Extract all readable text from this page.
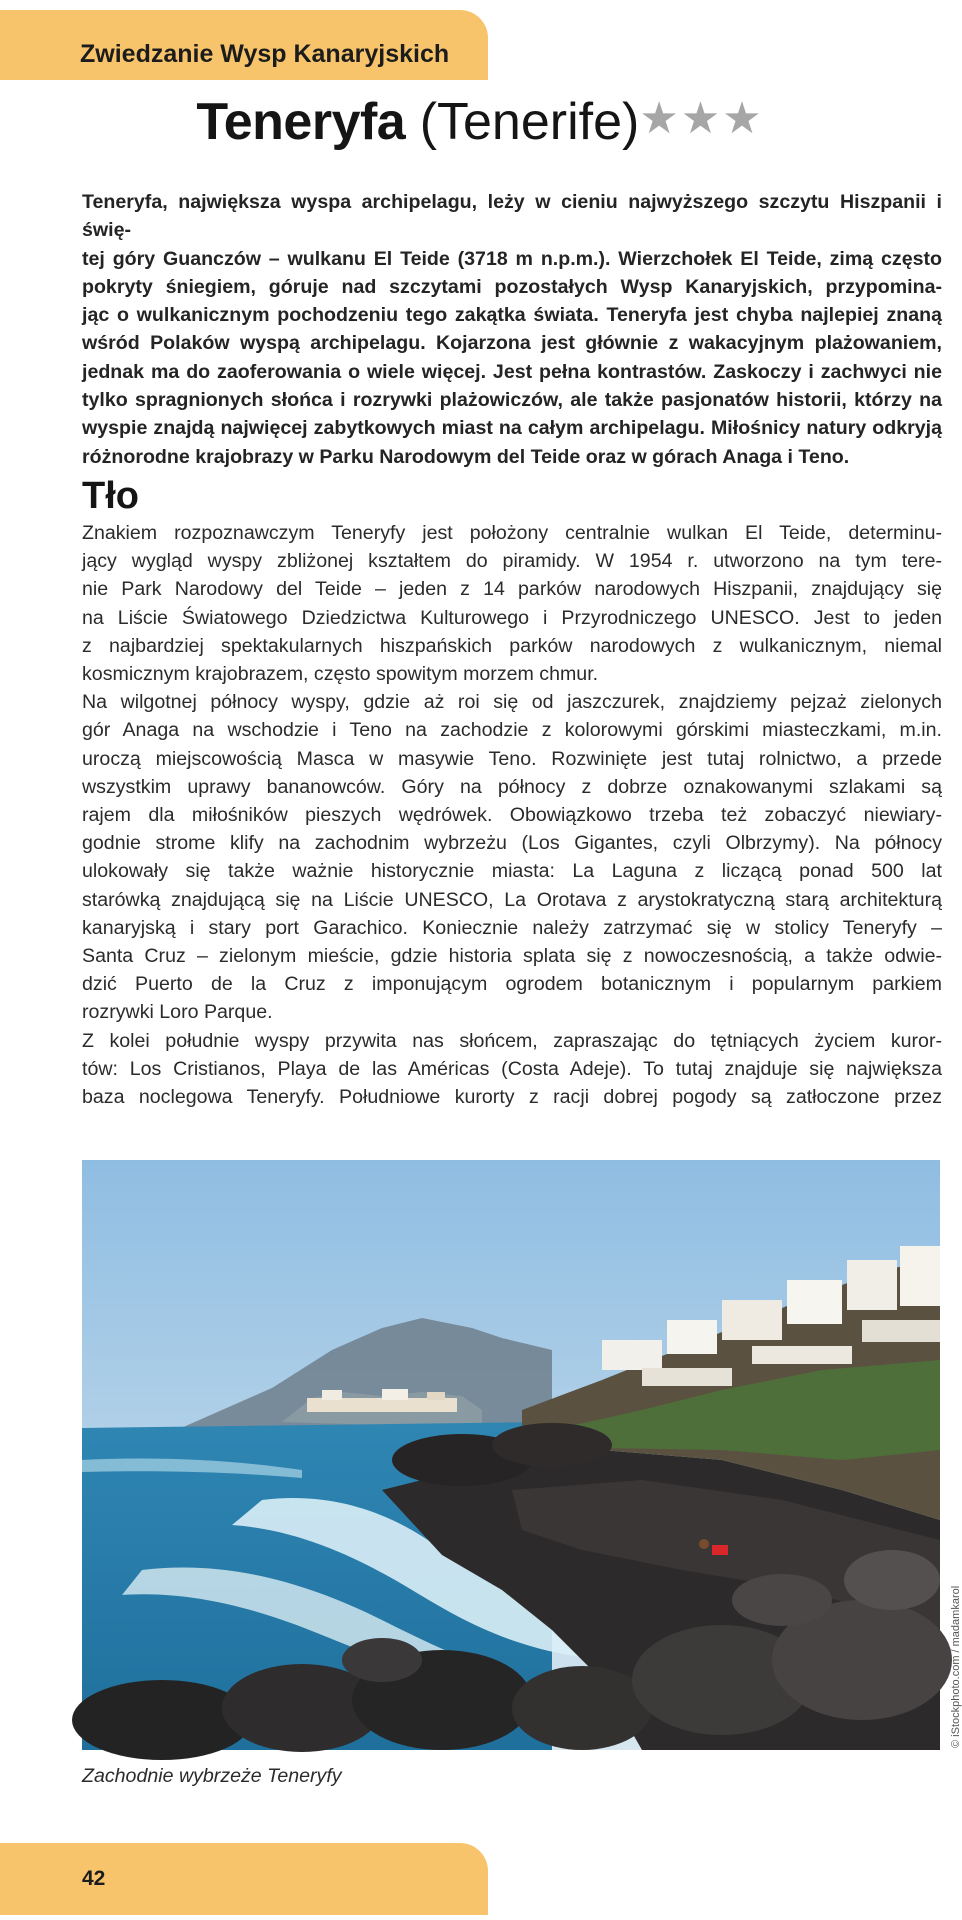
Zwiedzanie Wysp Kanaryjskich
Teneryfa (Tenerife)★★★
Teneryfa, największa wyspa archipelagu, leży w cieniu najwyższego szczytu Hiszpanii i świę-
tej góry Guanczów – wulkanu El Teide (3718 m n.p.m.). Wierzchołek El Teide, zimą często
pokryty śniegiem, góruje nad szczytami pozostałych Wysp Kanaryjskich, przypomina-
jąc o wulkanicznym pochodzeniu tego zakątka świata. Teneryfa jest chyba najlepiej znaną
wśród Polaków wyspą archipelagu. Kojarzona jest głównie z wakacyjnym plażowaniem,
jednak ma do zaoferowania o wiele więcej. Jest pełna kontrastów. Zaskoczy i zachwyci nie
tylko spragnionych słońca i rozrywki plażowiczów, ale także pasjonatów historii, którzy na
wyspie znajdą najwięcej zabytkowych miast na całym archipelagu. Miłośnicy natury odkryją
różnorodne krajobrazy w Parku Narodowym del Teide oraz w górach Anaga i Teno.
Tło
Znakiem rozpoznawczym Teneryfy jest położony centralnie wulkan El Teide, determinu-
jący wygląd wyspy zbliżonej kształtem do piramidy. W 1954 r. utworzono na tym tere-
nie Park Narodowy del Teide – jeden z 14 parków narodowych Hiszpanii, znajdujący się
na Liście Światowego Dziedzictwa Kulturowego i Przyrodniczego UNESCO. Jest to jeden
z najbardziej spektakularnych hiszpańskich parków narodowych z wulkanicznym, niemal
kosmicznym krajobrazem, często spowitym morzem chmur.
Na wilgotnej północy wyspy, gdzie aż roi się od jaszczurek, znajdziemy pejzaż zielonych
gór Anaga na wschodzie i Teno na zachodzie z kolorowymi górskimi miasteczkami, m.in.
uroczą miejscowością Masca w masywie Teno. Rozwinięte jest tutaj rolnictwo, a przede
wszystkim uprawy bananowców. Góry na północy z dobrze oznakowanymi szlakami są
rajem dla miłośników pieszych wędrówek. Obowiązkowo trzeba też zobaczyć niewiary-
godnie strome klify na zachodnim wybrzeżu (Los Gigantes, czyli Olbrzymy). Na północy
ulokowały się także ważnie historycznie miasta: La Laguna z liczącą ponad 500 lat
starówką znajdującą się na Liście UNESCO, La Orotava z arystokratyczną starą architekturą
kanaryjską i stary port Garachico. Koniecznie należy zatrzymać się w stolicy Teneryfy –
Santa Cruz – zielonym mieście, gdzie historia splata się z nowoczesnością, a także odwie-
dzić Puerto de la Cruz z imponującym ogrodem botanicznym i popularnym parkiem
rozrywki Loro Parque.
Z kolei południe wyspy przywita nas słońcem, zapraszając do tętniących życiem kuror-
tów: Los Cristianos, Playa de las Américas (Costa Adeje). To tutaj znajduje się największa
baza noclegowa Teneryfy. Południowe kurorty z racji dobrej pogody są zatłoczone przez
© iStockphoto.com / madamkarol
Zachodnie wybrzeże Teneryfy
42
